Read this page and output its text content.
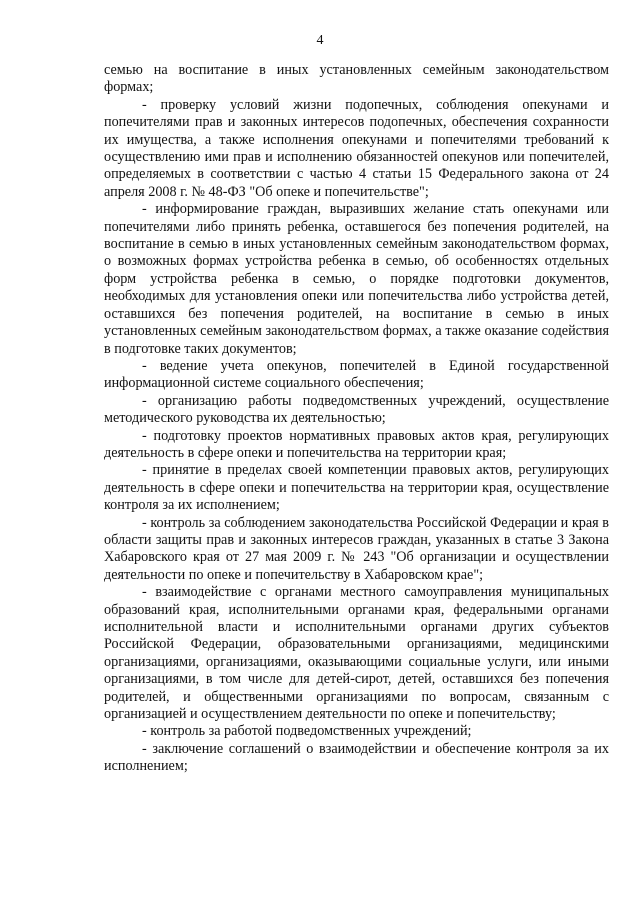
4

семью на воспитание в иных установленных семейным законодательством формах;

- проверку условий жизни подопечных, соблюдения опекунами и попечителями прав и законных интересов подопечных, обеспечения сохранности их имущества, а также исполнения опекунами и попечителями требований к осуществлению ими прав и исполнению обязанностей опекунов или попечителей, определяемых в соответствии с частью 4 статьи 15 Федерального закона от 24 апреля 2008 г. № 48-ФЗ "Об опеке и попечительстве";

- информирование граждан, выразивших желание стать опекунами или попечителями либо принять ребенка, оставшегося без попечения родителей, на воспитание в семью в иных установленных семейным законодательством формах, о возможных формах устройства ребенка в семью, об особенностях отдельных форм устройства ребенка в семью, о порядке подготовки документов, необходимых для установления опеки или попечительства либо устройства детей, оставшихся без попечения родителей, на воспитание в семью в иных установленных семейным законодательством формах, а также оказание содействия в подготовке таких документов;

- ведение учета опекунов, попечителей в Единой государственной информационной системе социального обеспечения;

- организацию работы подведомственных учреждений, осуществление методического руководства их деятельностью;

- подготовку проектов нормативных правовых актов края, регулирующих деятельность в сфере опеки и попечительства на территории края;

- принятие в пределах своей компетенции правовых актов, регулирующих деятельность в сфере опеки и попечительства на территории края, осуществление контроля за их исполнением;

- контроль за соблюдением законодательства Российской Федерации и края в области защиты прав и законных интересов граждан, указанных в статье 3 Закона Хабаровского края от 27 мая 2009 г. № 243 "Об организации и осуществлении деятельности по опеке и попечительству в Хабаровском крае";

- взаимодействие с органами местного самоуправления муниципальных образований края, исполнительными органами края, федеральными органами исполнительной власти и исполнительными органами других субъектов Российской Федерации, образовательными организациями, медицинскими организациями, организациями, оказывающими социальные услуги, или иными организациями, в том числе для детей-сирот, детей, оставшихся без попечения родителей, и общественными организациями по вопросам, связанным с организацией и осуществлением деятельности по опеке и попечительству;

- контроль за работой подведомственных учреждений;

- заключение соглашений о взаимодействии и обеспечение контроля за их исполнением;
